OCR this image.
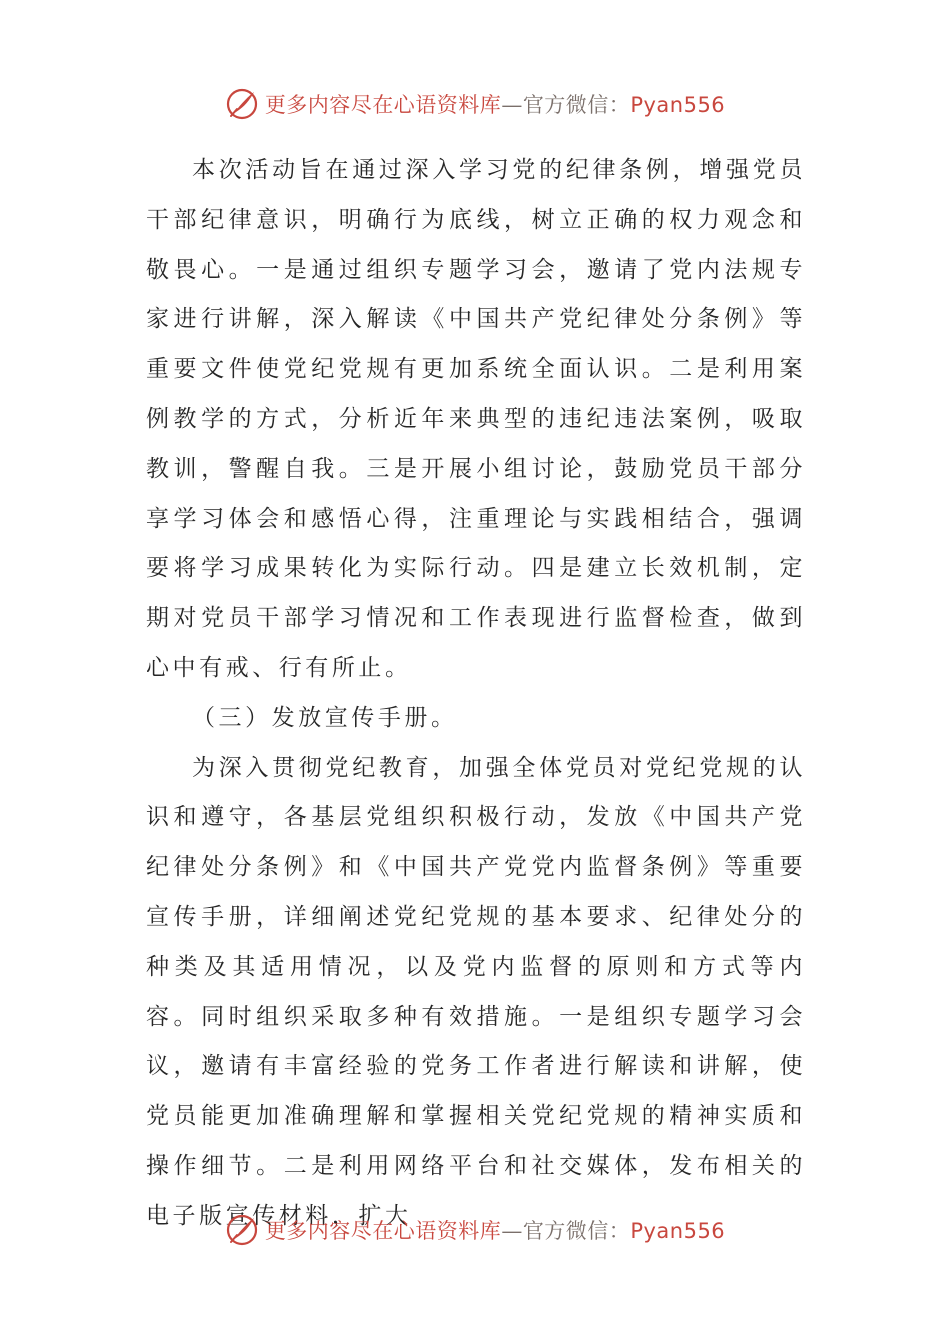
更多内容尽在心语资料库—官方微信：Pyan556

本次活动旨在通过深入学习党的纪律条例，增强党员干部纪律意识，明确行为底线，树立正确的权力观念和敬畏心。一是通过组织专题学习会，邀请了党内法规专家进行讲解，深入解读《中国共产党纪律处分条例》等重要文件使党纪党规有更加系统全面认识。二是利用案例教学的方式，分析近年来典型的违纪违法案例，吸取教训，警醒自我。三是开展小组讨论，鼓励党员干部分享学习体会和感悟心得，注重理论与实践相结合，强调要将学习成果转化为实际行动。四是建立长效机制，定期对党员干部学习情况和工作表现进行监督检查，做到心中有戒、行有所止。

（三）发放宣传手册。

为深入贯彻党纪教育，加强全体党员对党纪党规的认识和遵守，各基层党组织积极行动，发放《中国共产党纪律处分条例》和《中国共产党党内监督条例》等重要宣传手册，详细阐述党纪党规的基本要求、纪律处分的种类及其适用情况，以及党内监督的原则和方式等内容。同时组织采取多种有效措施。一是组织专题学习会议，邀请有丰富经验的党务工作者进行解读和讲解，使党员能更加准确理解和掌握相关党纪党规的精神实质和操作细节。二是利用网络平台和社交媒体，发布相关的电子版宣传材料，扩大

更多内容尽在心语资料库—官方微信：Pyan556
